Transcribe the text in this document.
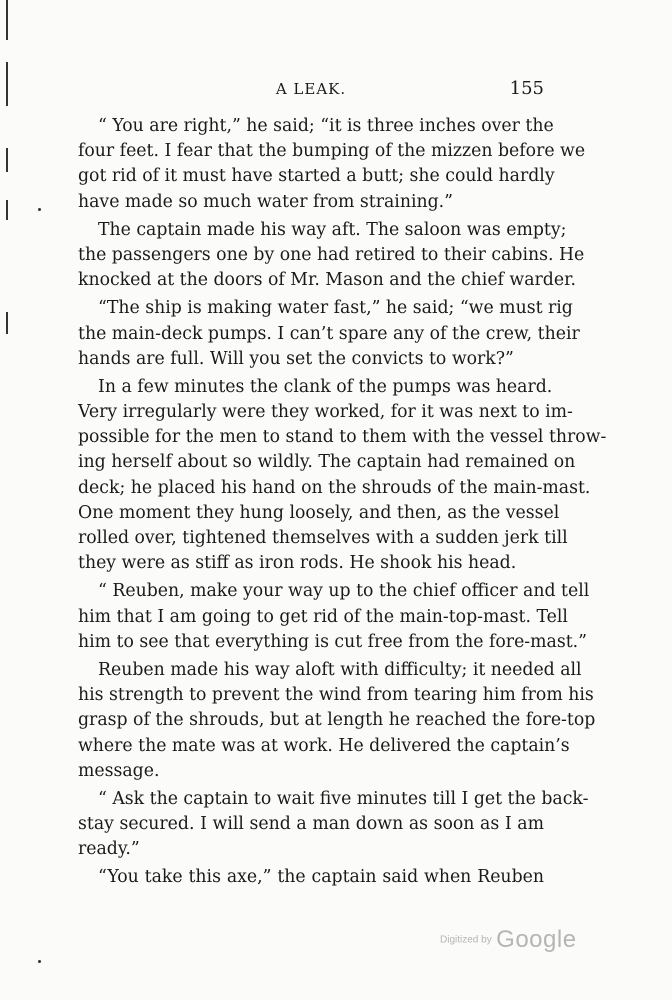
A LEAK.	155
“ You are right,” he said; “it is three inches over the
four feet. I fear that the bumping of the mizzen before we
got rid of it must have started a butt; she could hardly
have made so much water from straining.”
The captain made his way aft. The saloon was empty;
the passengers one by one had retired to their cabins. He
knocked at the doors of Mr. Mason and the chief warder.
“The ship is making water fast,” he said; “we must rig
the main-deck pumps. I can’t spare any of the crew, their
hands are full. Will you set the convicts to work?”
In a few minutes the clank of the pumps was heard.
Very irregularly were they worked, for it was next to im-
possible for the men to stand to them with the vessel throw-
ing herself about so wildly. The captain had remained on
deck; he placed his hand on the shrouds of the main-mast.
One moment they hung loosely, and then, as the vessel
rolled over, tightened themselves with a sudden jerk till
they were as stiff as iron rods. He shook his head.
“ Reuben, make your way up to the chief officer and tell
him that I am going to get rid of the main-top-mast. Tell
him to see that everything is cut free from the fore-mast.”
Reuben made his way aloft with difficulty; it needed all
his strength to prevent the wind from tearing him from his
grasp of the shrouds, but at length he reached the fore-top
where the mate was at work. He delivered the captain’s
message.
“ Ask the captain to wait five minutes till I get the back-
stay secured. I will send a man down as soon as I am
ready.”
“You take this axe,” the captain said when Reuben
Digitized by Google
